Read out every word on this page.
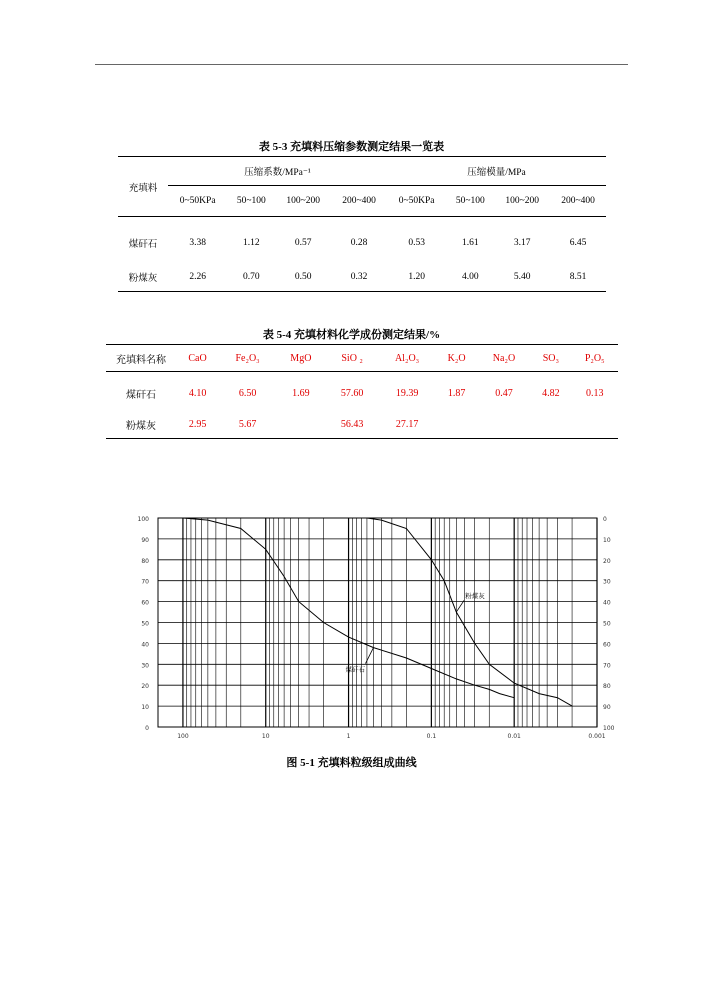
表 5-3 充填料压缩参数测定结果一览表
充填料	压缩系数/MPa⁻¹				压缩模量/MPa			
	0~50KPa	50~100	100~200	200~400	0~50KPa	50~100	100~200	200~400
煤矸石	3.38	1.12	0.57	0.28	0.53	1.61	3.17	6.45
粉煤灰	2.26	0.70	0.50	0.32	1.20	4.00	5.40	8.51
表 5-4 充填材料化学成份测定结果/%
充填料名称	CaO	Fe₂O₃	MgO	SiO ₂	Al₂O₃	K₂O	Na₂O	SO₃	P₂O₅
煤矸石	4.10	6.50	1.69	57.60	19.39	1.87	0.47	4.82	0.13
粉煤灰	2.95	5.67		56.43	27.17				
0	100
10	90
20	80
30	70
40	60
50	50
60	40
70	30
80	20
90	10
100	0
0.001
0.01
0.1
1
10
100
煤矸石
粉煤灰
图 5-1 充填料粒级组成曲线
